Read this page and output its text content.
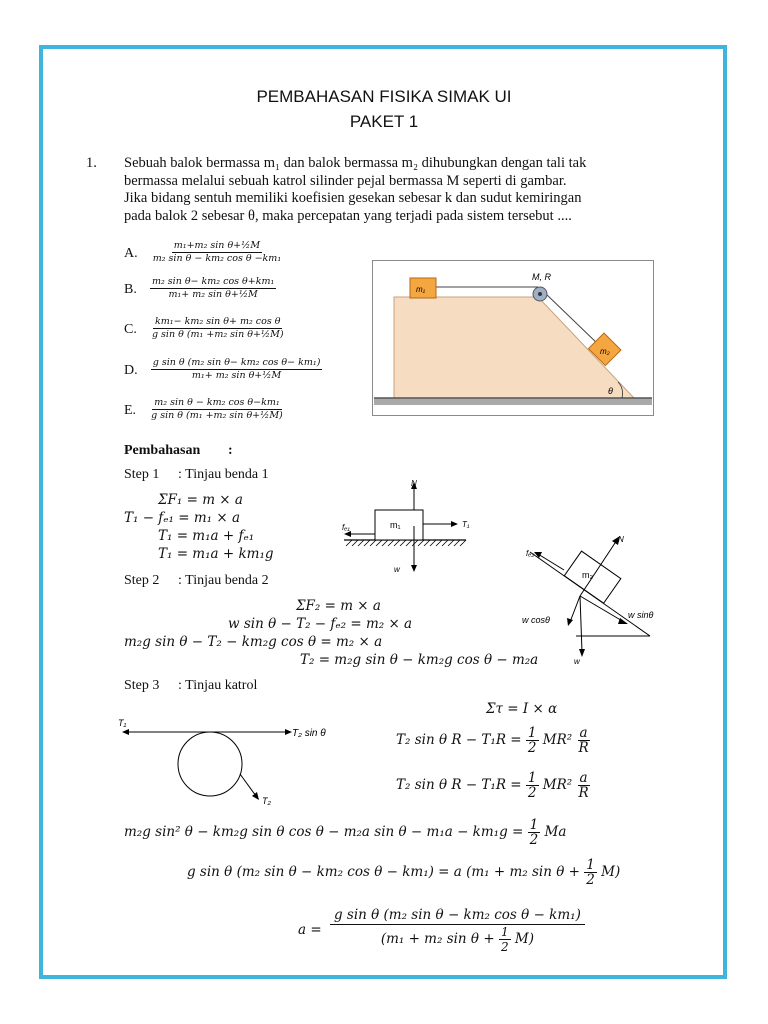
PEMBAHASAN FISIKA SIMAK UI
PAKET 1
1. Sebuah balok bermassa m₁ dan balok bermassa m₂ dihubungkan dengan tali tak
bermassa melalui sebuah katrol silinder pejal bermassa M seperti di gambar.
Jika bidang sentuh memiliki koefisien gesekan sebesar k dan sudut kemiringan
pada balok 2 sebesar θ, maka percepatan yang terjadi pada sistem tersebut ....
A. $\frac{\text{m₁+m₂ sin θ+½M}}{\text{m₂ sin θ − km₂ cos θ −km₁}}$
B. $\frac{\text{m₂ sin θ− km₂ cos θ+km₁}}{\text{m₁+ m₂ sin θ+½M}}$
C. $\frac{\text{km₁− km₂ sin θ+ m₂ cos θ}}{\text{g sin θ (m₁ +m₂ sin θ+½M)}}$
D. $\frac{\text{g sin θ (m₂ sin θ− km₂ cos θ− km₁)}}{\text{m₁+ m₂ sin θ+½M}}$
E. $\frac{\text{m₂ sin θ − km₂ cos θ−km₁}}{\text{g sin θ (m₁ +m₂ sin θ+½M)}}$
m₁
m₂
M, R
θ
Pembahasan :
Step 1 : Tinjau benda 1
ΣF₁ = m × a
T₁ − fₑ₁ = m₁ × a
T₁ = m₁a + fₑ₁
T₁ = m₁a + km₁g
N
m₁
fₑ₁	T₁
w
Step 2 : Tinjau benda 2
ΣF₂ = m × a
w sin θ − T₂ − fₑ₂ = m₂ × a
m₂g sin θ − T₂ − km₂g cos θ = m₂ × a
T₂ = m₂g sin θ − km₂g cos θ − m₂a
fₑ₂
N
m₂
w cosθ	w sinθ
w
Step 3 : Tinjau katrol
T₁
T₂ sin θ
T₂
Στ = I × α
T₂ sin θ $R - T_1R = \frac{1}{2} MR^2 \frac{a}{R}$
T₂ sin θ $R - T_1R = \frac{1}{2} MR^2 \frac{a}{R}$
m₂g sin² θ − km₂g sin θ cos θ − m₂a $\sin \theta - m_1a - km_1g = \frac{1}{2}$ Ma
g sin θ (m₂ sin θ − km₂ cos θ − km₁) = a (m₁ + m₂ $\sin \theta + \frac{1}{2} M$)
$a = \frac{\text{g sin θ (m₂ sin θ − km₂ cos θ − km₁)}}{(m_1 + m_2 \sin \theta + \frac{1}{2} M)}$
